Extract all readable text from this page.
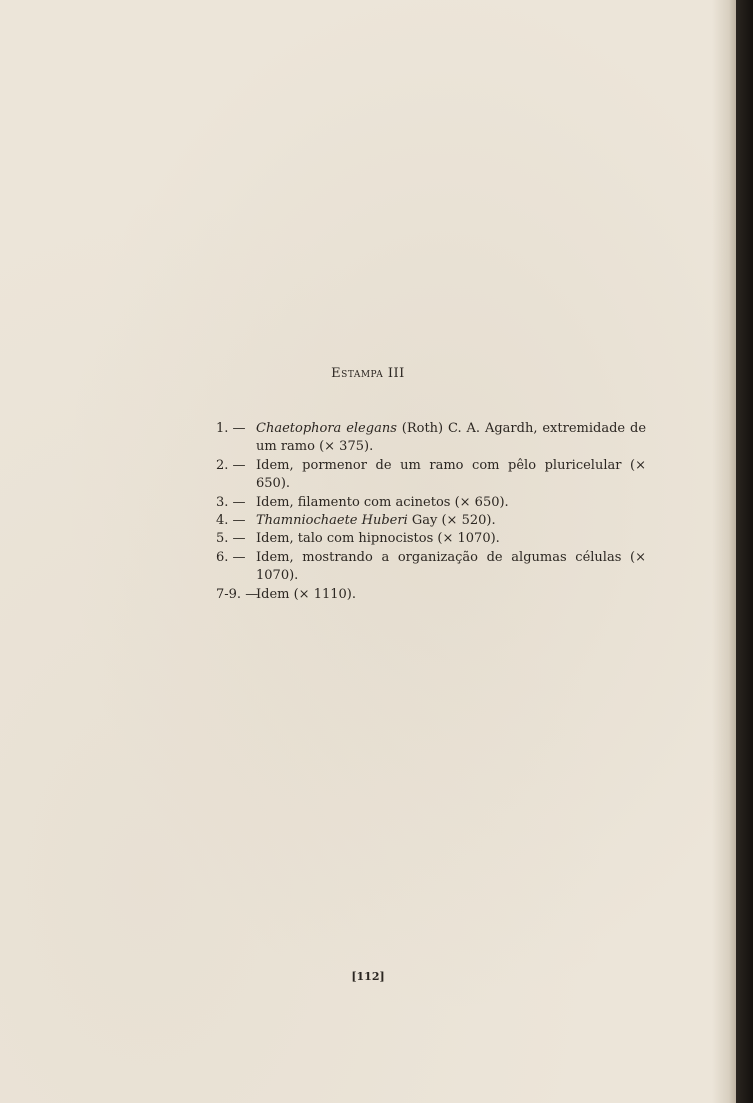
Estampa III
1. — Chaetophora elegans (Roth) C. A. Agardh, extremidade de um ramo (× 375).
2. — Idem, pormenor de um ramo com pêlo pluricelular (× 650).
3. — Idem, filamento com acinetos (× 650).
4. — Thamniochaete Huberi Gay (× 520).
5. — Idem, talo com hipnocistos (× 1070).
6. — Idem, mostrando a organização de algumas células (× 1070).
7-9. —
Idem (× 1110).
[112]
